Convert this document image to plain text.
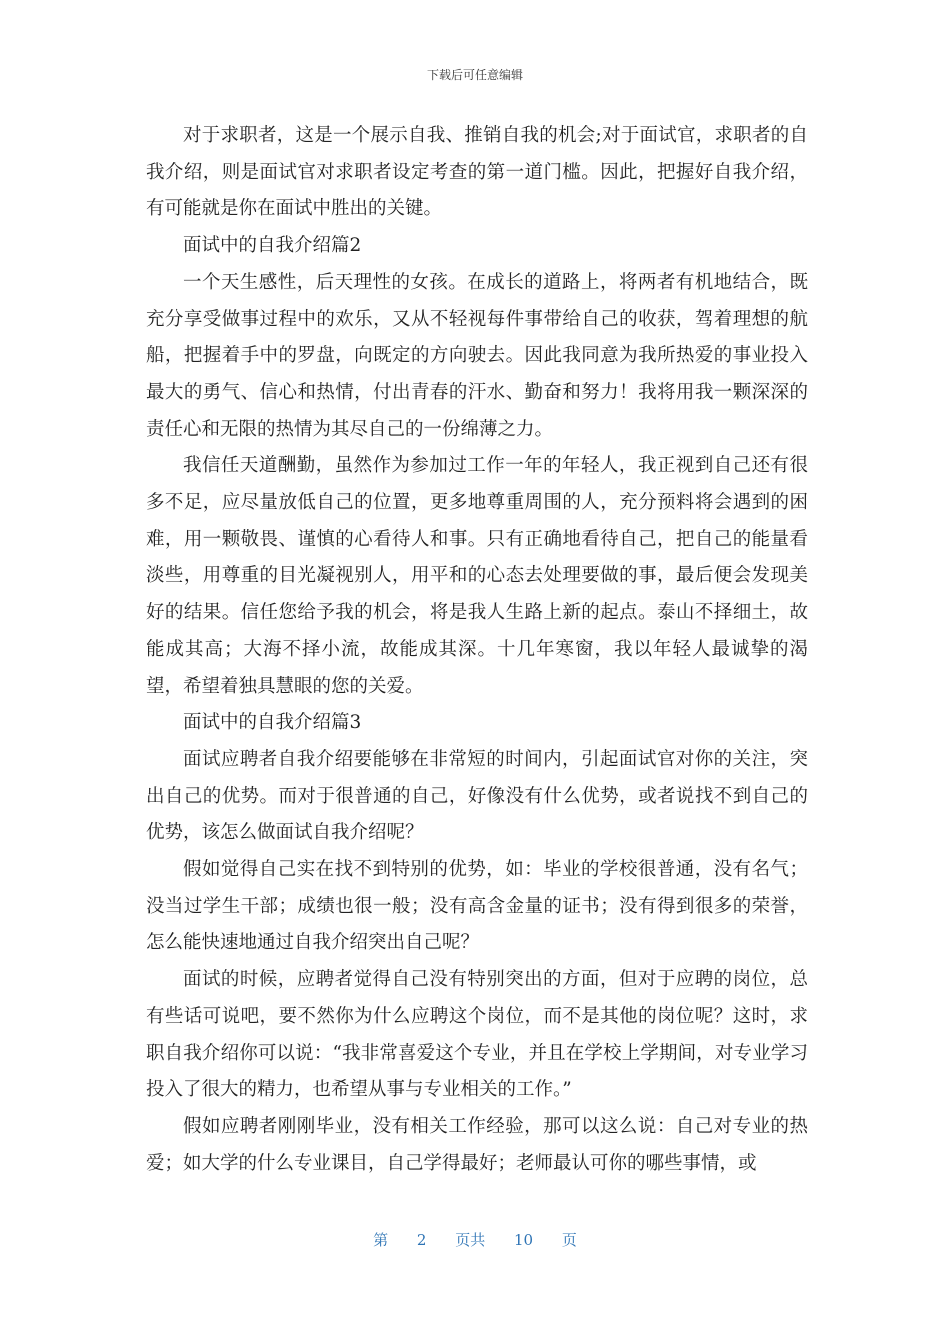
下载后可任意编辑

对于求职者，这是一个展示自我、推销自我的机会;对于面试官，求职者的自我介绍，则是面试官对求职者设定考查的第一道门槛。因此，把握好自我介绍，有可能就是你在面试中胜出的关键。

面试中的自我介绍篇2

一个天生感性，后天理性的女孩。在成长的道路上，将两者有机地结合，既充分享受做事过程中的欢乐，又从不轻视每件事带给自己的收获，驾着理想的航船，把握着手中的罗盘，向既定的方向驶去。因此我同意为我所热爱的事业投入最大的勇气、信心和热情，付出青春的汗水、勤奋和努力！我将用我一颗深深的责任心和无限的热情为其尽自己的一份绵薄之力。

我信任天道酬勤，虽然作为参加过工作一年的年轻人，我正视到自己还有很多不足，应尽量放低自己的位置，更多地尊重周围的人，充分预料将会遇到的困难，用一颗敬畏、谨慎的心看待人和事。只有正确地看待自己，把自己的能量看淡些，用尊重的目光凝视别人，用平和的心态去处理要做的事，最后便会发现美好的结果。信任您给予我的机会，将是我人生路上新的起点。泰山不择细土，故能成其高；大海不择小流，故能成其深。十几年寒窗，我以年轻人最诚挚的渴望，希望着独具慧眼的您的关爱。

面试中的自我介绍篇3

面试应聘者自我介绍要能够在非常短的时间内，引起面试官对你的关注，突出自己的优势。而对于很普通的自己，好像没有什么优势，或者说找不到自己的优势，该怎么做面试自我介绍呢？

假如觉得自己实在找不到特别的优势，如：毕业的学校很普通，没有名气；没当过学生干部；成绩也很一般；没有高含金量的证书；没有得到很多的荣誉，怎么能快速地通过自我介绍突出自己呢？

面试的时候，应聘者觉得自己没有特别突出的方面，但对于应聘的岗位，总有些话可说吧，要不然你为什么应聘这个岗位，而不是其他的岗位呢？这时，求职自我介绍你可以说：“我非常喜爱这个专业，并且在学校上学期间，对专业学习投入了很大的精力，也希望从事与专业相关的工作。”

假如应聘者刚刚毕业，没有相关工作经验，那可以这么说：自己对专业的热爱；如大学的什么专业课目，自己学得最好；老师最认可你的哪些事情，或

第 2 页共 10 页
